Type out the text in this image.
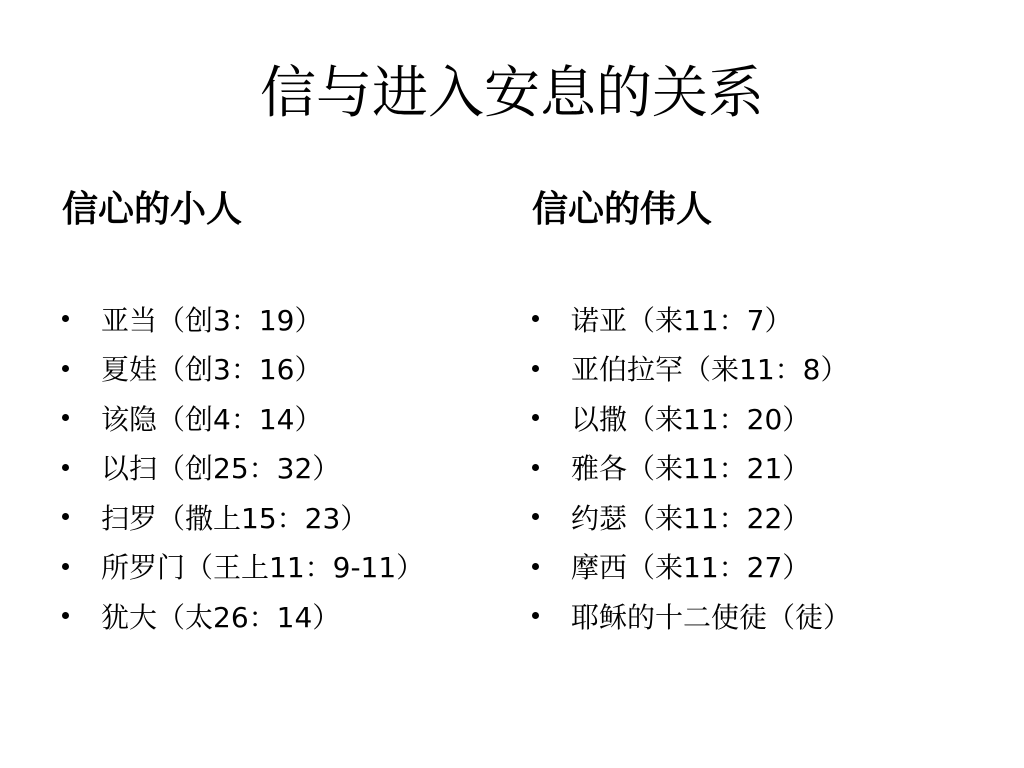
信与进入安息的关系
信心的小人
亚当（创3：19）
夏娃（创3：16）
该隐（创4：14）
以扫（创25：32）
扫罗（撒上15：23）
所罗门（王上11：9-11）
犹大（太26：14）
信心的伟人
诺亚（来11：7）
亚伯拉罕（来11：8）
以撒（来11：20）
雅各（来11：21）
约瑟（来11：22）
摩西（来11：27）
耶稣的十二使徒（徒）
